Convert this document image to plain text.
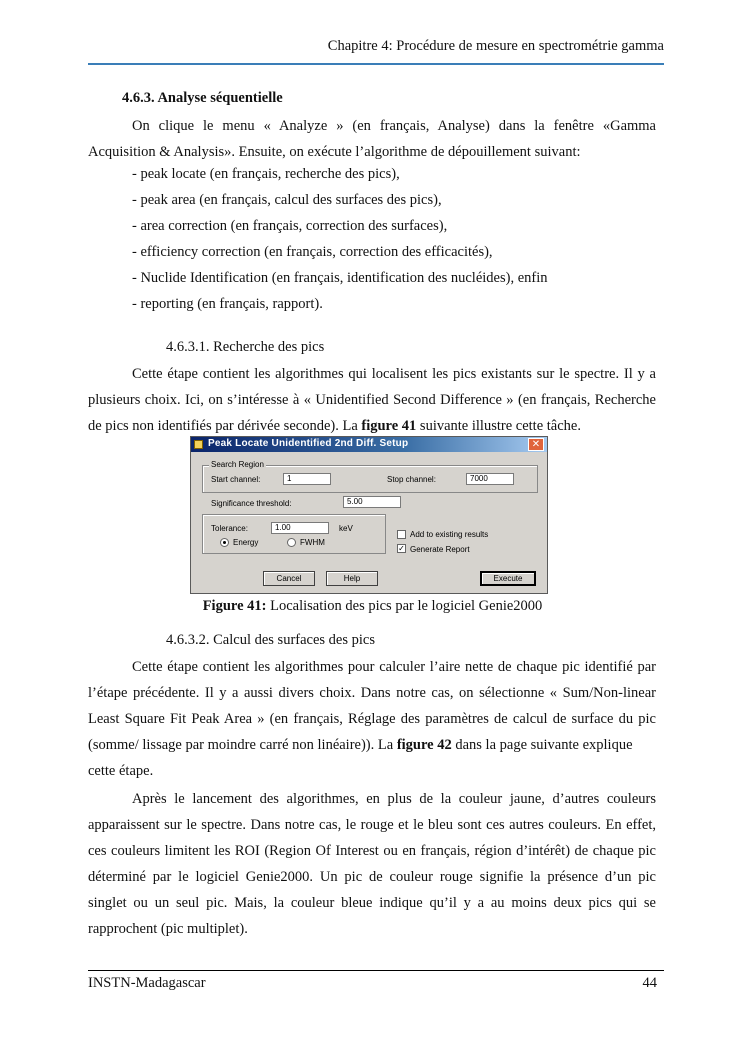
Chapitre 4: Procédure de mesure en spectrométrie gamma
4.6.3. Analyse séquentielle
On clique le menu « Analyze » (en français, Analyse) dans la fenêtre «Gamma
Acquisition & Analysis». Ensuite, on exécute l’algorithme de dépouillement suivant:
- peak locate (en français, recherche des pics),
- peak area (en français, calcul des surfaces des pics),
- area correction (en français, correction des surfaces),
- efficiency correction (en français, correction des efficacités),
- Nuclide Identification (en français, identification des nucléides), enfin
- reporting (en français, rapport).
4.6.3.1. Recherche des pics
Cette étape contient les algorithmes qui localisent les pics existants sur le spectre. Il y a
plusieurs choix. Ici, on s’intéresse à « Unidentified Second Difference » (en français, Recherche
de pics non identifiés par dérivée seconde). La figure 41 suivante illustre cette tâche.
Peak Locate Unidentified 2nd Diff. Setup	✕
Search Region
Start channel:	1	Stop channel:	7000
Significance threshold:	5.00
Tolerance:	1.00	keV
Energy	FWHM
Add to existing results
✓ Generate Report
Cancel	Help	Execute
Figure 41: Localisation des pics par le logiciel Genie2000
4.6.3.2. Calcul des surfaces des pics
Cette étape contient les algorithmes pour calculer l’aire nette de chaque pic identifié par
l’étape précédente. Il y a aussi divers choix. Dans notre cas, on sélectionne « Sum/Non-linear
Least Square Fit Peak Area » (en français, Réglage des paramètres de calcul de surface du pic
(somme/ lissage par moindre carré non linéaire)). La figure 42 dans la page suivante explique
cette étape.
Après le lancement des algorithmes, en plus de la couleur jaune, d’autres couleurs
apparaissent sur le spectre. Dans notre cas, le rouge et le bleu sont ces autres couleurs. En effet,
ces couleurs limitent les ROI (Region Of Interest ou en français, région d’intérêt) de chaque pic
déterminé par le logiciel Genie2000. Un pic de couleur rouge signifie la présence d’un pic
singlet ou un seul pic. Mais, la couleur bleue indique qu’il y a au moins deux pics qui se
rapprochent (pic multiplet).
INSTN-Madagascar	44
